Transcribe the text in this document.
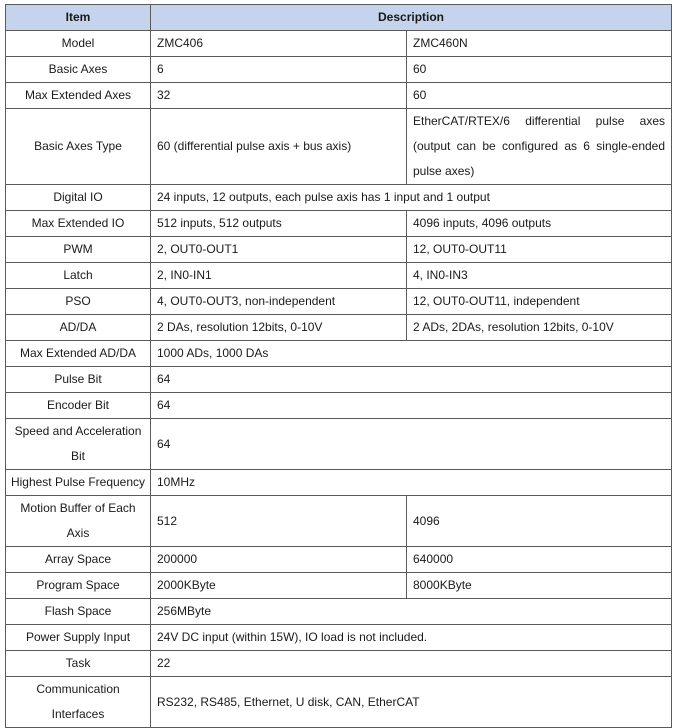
Item	Description	
Model	ZMC406	ZMC460N
Basic Axes	6	60
Max Extended Axes	32	60
Basic Axes Type	60 (differential pulse axis + bus axis)	EtherCAT/RTEX/6 differential pulse axes (output can be configured as 6 single-ended pulse axes)
Digital IO	24 inputs, 12 outputs, each pulse axis has 1 input and 1 output	
Max Extended IO	512 inputs, 512 outputs	4096 inputs, 4096 outputs
PWM	2, OUT0-OUT1	12, OUT0-OUT11
Latch	2, IN0-IN1	4, IN0-IN3
PSO	4, OUT0-OUT3, non-independent	12, OUT0-OUT11, independent
AD/DA	2 DAs, resolution 12bits, 0-10V	2 ADs, 2DAs, resolution 12bits, 0-10V
Max Extended AD/DA	1000 ADs, 1000 DAs	
Pulse Bit	64	
Encoder Bit	64	
Speed and Acceleration Bit	64	
Highest Pulse Frequency	10MHz	
Motion Buffer of Each Axis	512	4096
Array Space	200000	640000
Program Space	2000KByte	8000KByte
Flash Space	256MByte	
Power Supply Input	24V DC input (within 15W), IO load is not included.	
Task	22	
Communication Interfaces	RS232, RS485, Ethernet, U disk, CAN, EtherCAT	
